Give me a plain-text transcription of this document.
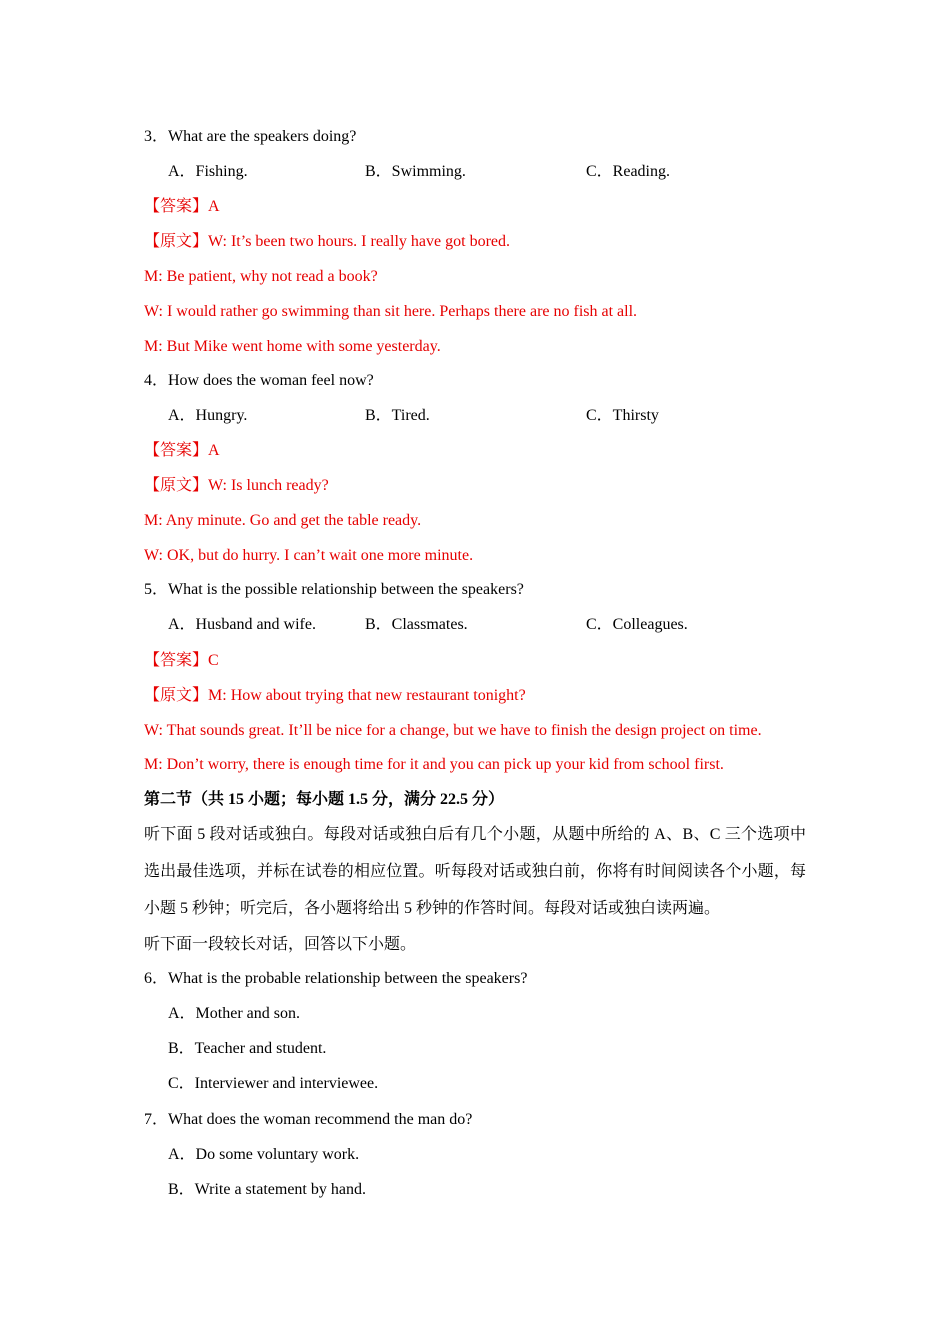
3．What are the speakers doing?
A．Fishing.	B．Swimming.	C．Reading.
【答案】A
【原文】W: It’s been two hours. I really have got bored.
M: Be patient, why not read a book?
W: I would rather go swimming than sit here. Perhaps there are no fish at all.
M: But Mike went home with some yesterday.
4．How does the woman feel now?
A．Hungry.	B．Tired.	C．Thirsty
【答案】A
【原文】W: Is lunch ready?
M: Any minute. Go and get the table ready.
W: OK, but do hurry. I can’t wait one more minute.
5．What is the possible relationship between the speakers?
A．Husband and wife.	B．Classmates.	C．Colleagues.
【答案】C
【原文】M: How about trying that new restaurant tonight?
W: That sounds great. It’ll be nice for a change, but we have to finish the design project on time.
M: Don’t worry, there is enough time for it and you can pick up your kid from school first.
第二节（共 15 小题；每小题 1.5 分，满分 22.5 分）
听下面 5 段对话或独白。每段对话或独白后有几个小题，从题中所给的 A、B、C 三个选项中选出最佳选项，并标在试卷的相应位置。听每段对话或独白前，你将有时间阅读各个小题，每小题 5 秒钟；听完后，各小题将给出 5 秒钟的作答时间。每段对话或独白读两遍。
听下面一段较长对话，回答以下小题。
6．What is the probable relationship between the speakers?
A．Mother and son.
B．Teacher and student.
C．Interviewer and interviewee.
7．What does the woman recommend the man do?
A．Do some voluntary work.
B．Write a statement by hand.
